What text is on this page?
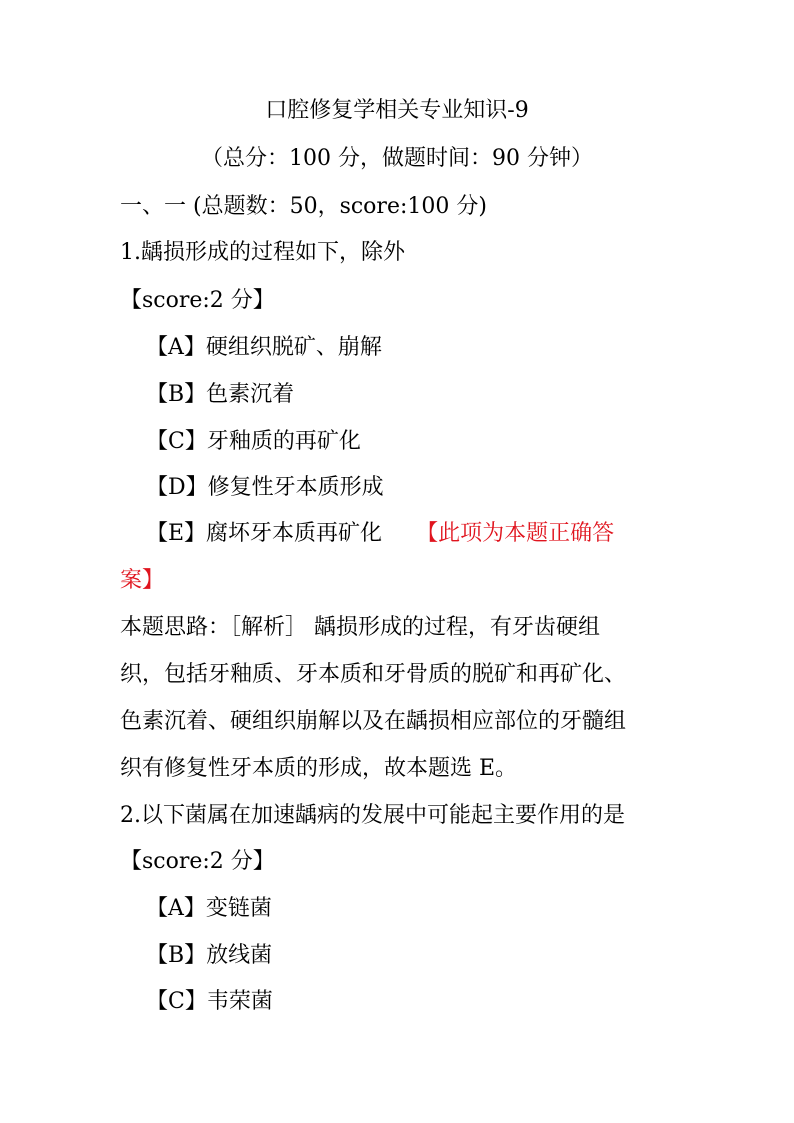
口腔修复学相关专业知识-9
（总分：100 分，做题时间：90 分钟）
一、一 (总题数：50，score:100 分)
1.龋损形成的过程如下，除外
【score:2 分】
【A】硬组织脱矿、崩解
【B】色素沉着
【C】牙釉质的再矿化
【D】修复性牙本质形成
【E】腐坏牙本质再矿化 【此项为本题正确答
案】
本题思路：［解析］ 龋损形成的过程，有牙齿硬组
织，包括牙釉质、牙本质和牙骨质的脱矿和再矿化、
色素沉着、硬组织崩解以及在龋损相应部位的牙髓组
织有修复性牙本质的形成，故本题选 E。
2.以下菌属在加速龋病的发展中可能起主要作用的是
【score:2 分】
【A】变链菌
【B】放线菌
【C】韦荣菌
